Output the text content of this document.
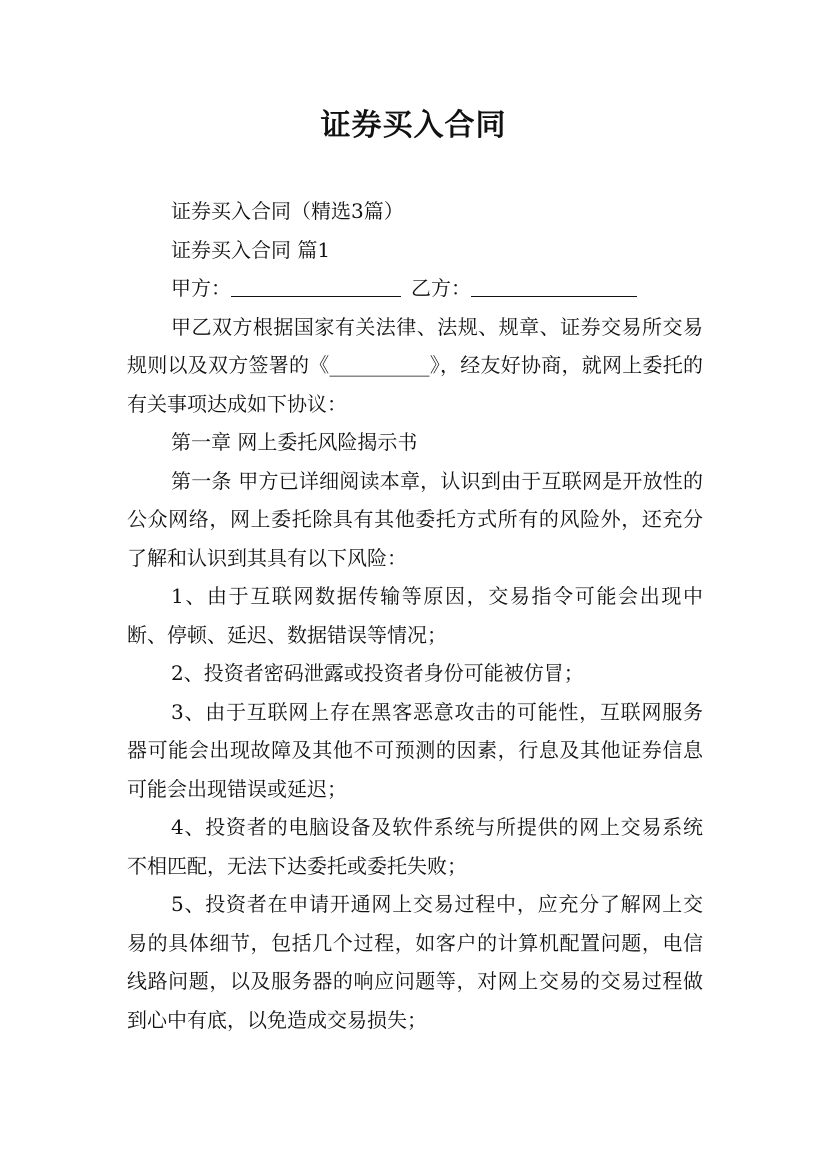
证券买入合同

证券买入合同（精选3篇）

证券买入合同 篇1

甲方：	乙方：

甲乙双方根据国家有关法律、法规、规章、证券交易所交易规则以及双方签署的《__________》，经友好协商，就网上委托的有关事项达成如下协议：

第一章 网上委托风险揭示书

第一条 甲方已详细阅读本章，认识到由于互联网是开放性的公众网络，网上委托除具有其他委托方式所有的风险外，还充分了解和认识到其具有以下风险：

1、由于互联网数据传输等原因，交易指令可能会出现中断、停顿、延迟、数据错误等情况；

2、投资者密码泄露或投资者身份可能被仿冒；

3、由于互联网上存在黑客恶意攻击的可能性，互联网服务器可能会出现故障及其他不可预测的因素，行息及其他证券信息可能会出现错误或延迟；

4、投资者的电脑设备及软件系统与所提供的网上交易系统不相匹配，无法下达委托或委托失败；

5、投资者在申请开通网上交易过程中，应充分了解网上交易的具体细节，包括几个过程，如客户的计算机配置问题，电信线路问题，以及服务器的响应问题等，对网上交易的交易过程做到心中有底，以免造成交易损失；
